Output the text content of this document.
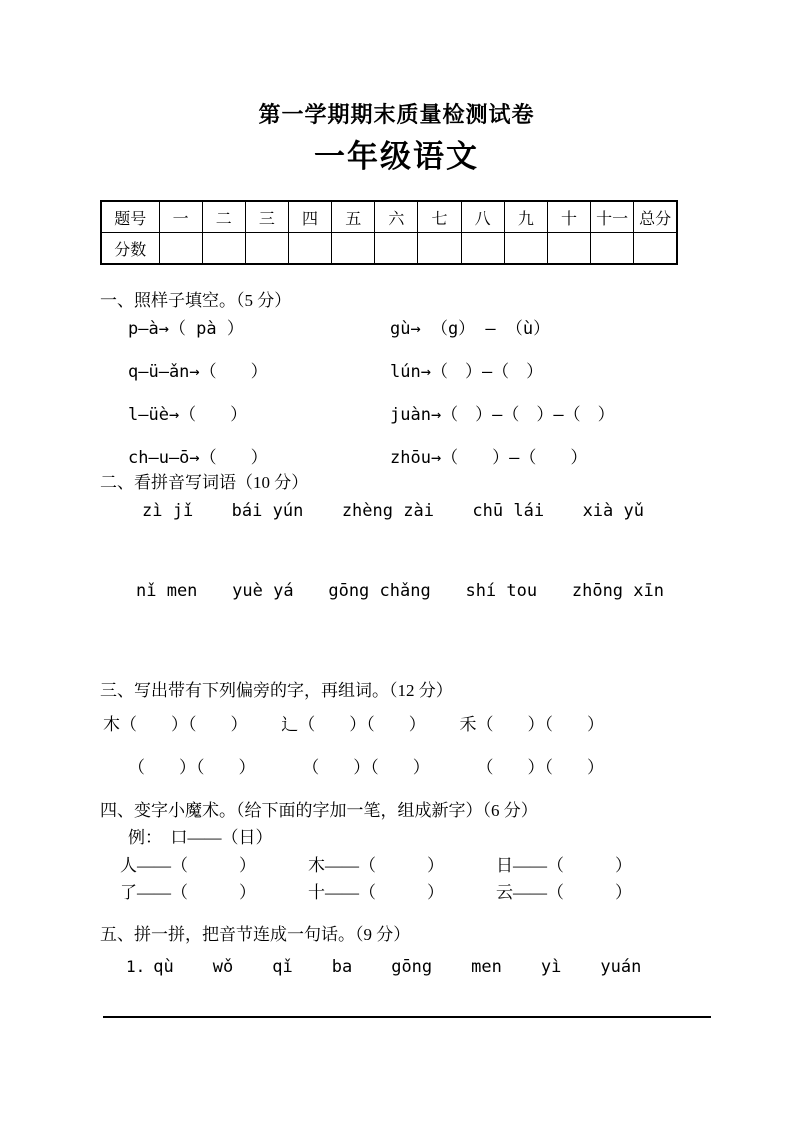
第一学期期末质量检测试卷
一年级语文
题号	一	二	三	四	五	六	七	八	九	十	十一	总分
分数												
一、照样子填空。（5 分）
p—à→（ pà ）	gù→ （g） — （ù）
q—ü—ǎn→（　　）	lún→（　）—（　）
l—üè→（　　）	juàn→（　）—（　）—（　）
ch—u—ō→（　　）	zhōu→（　　）—（　　）
二、看拼音写词语（10 分）
zì jǐ bái yún zhèng zài chū lái xià yǔ
nǐ men yuè yá gōng chǎng shí tou zhōng xīn
三、写出带有下列偏旁的字，再组词。（12 分）
木（　　）（　　） 辶（　　）（　　） 禾（　　）（　　）
（　　）（　　）	（　　）（　　）	（　　）（　　）
四、变字小魔术。（给下面的字加一笔，组成新字）（6 分）
例：　口——（日）
人——（　　　）	木——（　　　）	日——（　　　）
了——（　　　）	十——（　　　）	云——（　　　）
五、拼一拼，把音节连成一句话。（9 分）
1. qù wǒ qǐ ba gōng men yì yuán
